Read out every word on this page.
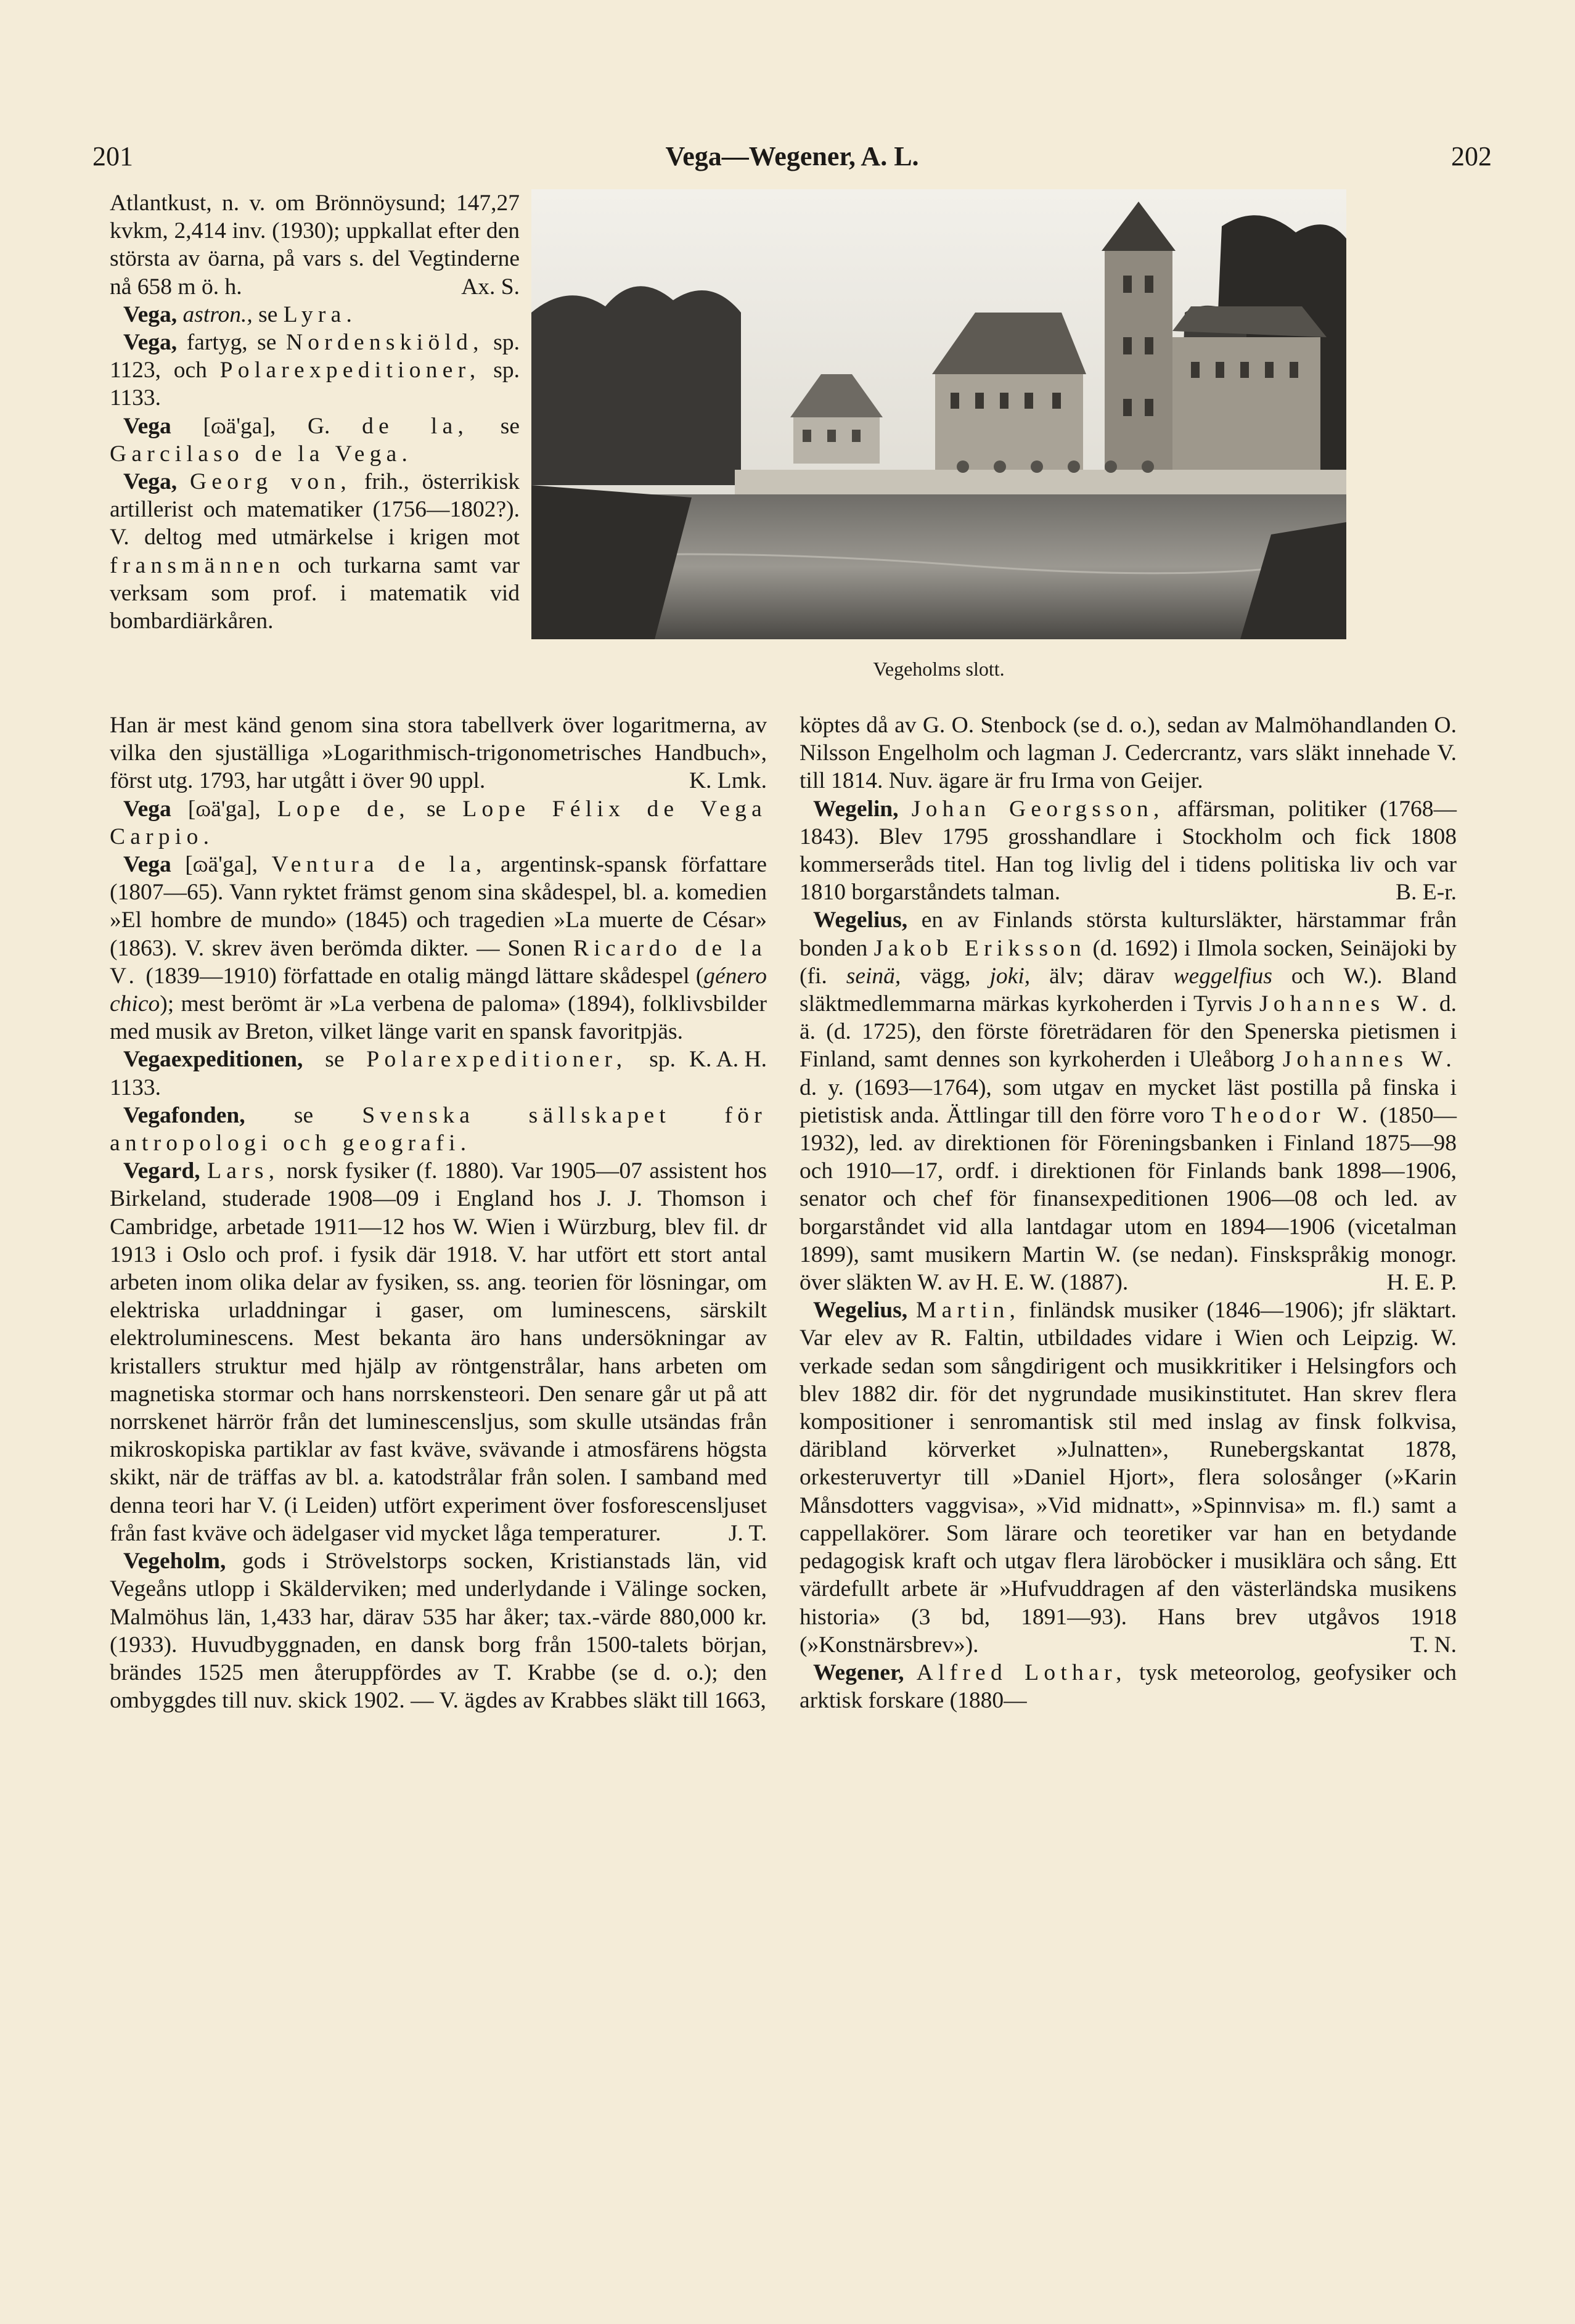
201	Vega—Wegener, A. L.	202

Atlantkust, n. v. om Brönnöysund; 147,27 kvkm, 2,414 inv. (1930); uppkallat efter den största av öarna, på vars s. del Vegtinderne nå 658 m ö. h.	Ax. S.

Vega, astron., se Lyra.

Vega, fartyg, se Nordenskiöld, sp. 1123, och Polarexpeditioner, sp. 1133.

Vega [ɷä'ga], G. de la, se Garcilaso de la Vega.

Vega, Georg von, frih., österrikisk artillerist och matematiker (1756—1802?). V. deltog med utmärkelse i krigen mot fransmännen och turkarna samt var verksam som prof. i matematik vid bombardiärkåren.

Vegeholms slott.

Han är mest känd genom sina stora tabellverk över logaritmerna, av vilka den sjuställiga »Logarithmisch-trigonometrisches Handbuch», först utg. 1793, har utgått i över 90 uppl.	K. Lmk.

Vega [ɷä'ga], Lope de, se Lope Félix de Vega Carpio.

Vega [ɷä'ga], Ventura de la, argentinsk-spansk författare (1807—65). Vann ryktet främst genom sina skådespel, bl. a. komedien »El hombre de mundo» (1845) och tragedien »La muerte de César» (1863). V. skrev även berömda dikter. — Sonen Ricardo de la V. (1839—1910) författade en otalig mängd lättare skådespel (género chico); mest berömt är »La verbena de paloma» (1894), folklivsbilder med musik av Breton, vilket länge varit en spansk favoritpjäs.
K. A. H.

Vegaexpeditionen, se Polarexpeditioner, sp. 1133.

Vegafonden, se Svenska sällskapet för antropologi och geografi.

Vegard, Lars, norsk fysiker (f. 1880). Var 1905—07 assistent hos Birkeland, studerade 1908—09 i England hos J. J. Thomson i Cambridge, arbetade 1911—12 hos W. Wien i Würzburg, blev fil. dr 1913 i Oslo och prof. i fysik där 1918. V. har utfört ett stort antal arbeten inom olika delar av fysiken, ss. ang. teorien för lösningar, om elektriska urladdningar i gaser, om luminescens, särskilt elektroluminescens. Mest bekanta äro hans undersökningar av kristallers struktur med hjälp av röntgenstrålar, hans arbeten om magnetiska stormar och hans norrskensteori. Den senare går ut på att norrskenet härrör från det luminescensljus, som skulle utsändas från mikroskopiska partiklar av fast kväve, svävande i atmosfärens högsta skikt, när de träffas av bl. a. katodstrålar från solen. I samband med denna teori har V. (i Leiden) utfört experiment över fosforescensljuset från fast kväve och ädelgaser vid mycket låga temperaturer.	J. T.

Vegeholm, gods i Strövelstorps socken, Kristianstads län, vid Vegeåns utlopp i Skälderviken; med underlydande i Välinge socken, Malmöhus län, 1,433 har, därav 535 har åker; tax.-värde 880,000 kr. (1933). Huvudbyggnaden, en dansk borg från 1500-talets början, brändes 1525 men återuppfördes av T. Krabbe (se d. o.); den ombyggdes till nuv. skick 1902. — V. ägdes av Krabbes släkt till 1663,

köptes då av G. O. Stenbock (se d. o.), sedan av Malmöhandlanden O. Nilsson Engelholm och lagman J. Cedercrantz, vars släkt innehade V. till 1814. Nuv. ägare är fru Irma von Geijer.

Wegelin, Johan Georgsson, affärsman, politiker (1768—1843). Blev 1795 grosshandlare i Stockholm och fick 1808 kommerseråds titel. Han tog livlig del i tidens politiska liv och var 1810 borgarståndets talman.	B. E-r.

Wegelius, en av Finlands största kultursläkter, härstammar från bonden Jakob Eriksson (d. 1692) i Ilmola socken, Seinäjoki by (fi. seinä, vägg, joki, älv; därav weggelfius och W.). Bland släktmedlemmarna märkas kyrkoherden i Tyrvis Johannes W. d. ä. (d. 1725), den förste företrädaren för den Spenerska pietismen i Finland, samt dennes son kyrkoherden i Uleåborg Johannes W. d. y. (1693—1764), som utgav en mycket läst postilla på finska i pietistisk anda. Ättlingar till den förre voro Theodor W. (1850—1932), led. av direktionen för Föreningsbanken i Finland 1875—98 och 1910—17, ordf. i direktionen för Finlands bank 1898—1906, senator och chef för finansexpeditionen 1906—08 och led. av borgarståndet vid alla lantdagar utom en 1894—1906 (vicetalman 1899), samt musikern Martin W. (se nedan). Finskspråkig monogr. över släkten W. av H. E. W. (1887).	H. E. P.

Wegelius, Martin, finländsk musiker (1846—1906); jfr släktart. Var elev av R. Faltin, utbildades vidare i Wien och Leipzig. W. verkade sedan som sångdirigent och musikkritiker i Helsingfors och blev 1882 dir. för det nygrundade musikinstitutet. Han skrev flera kompositioner i senromantisk stil med inslag av finsk folkvisa, däribland körverket »Julnatten», Runebergskantat 1878, orkesteruvertyr till »Daniel Hjort», flera solosånger (»Karin Månsdotters vaggvisa», »Vid midnatt», »Spinnvisa» m. fl.) samt a cappellakörer. Som lärare och teoretiker var han en betydande pedagogisk kraft och utgav flera läroböcker i musiklära och sång. Ett värdefullt arbete är »Hufvuddragen af den västerländska musikens historia» (3 bd, 1891—93). Hans brev utgåvos 1918 (»Konstnärsbrev»).	T. N.

Wegener, Alfred Lothar, tysk meteorolog, geofysiker och arktisk forskare (1880—
